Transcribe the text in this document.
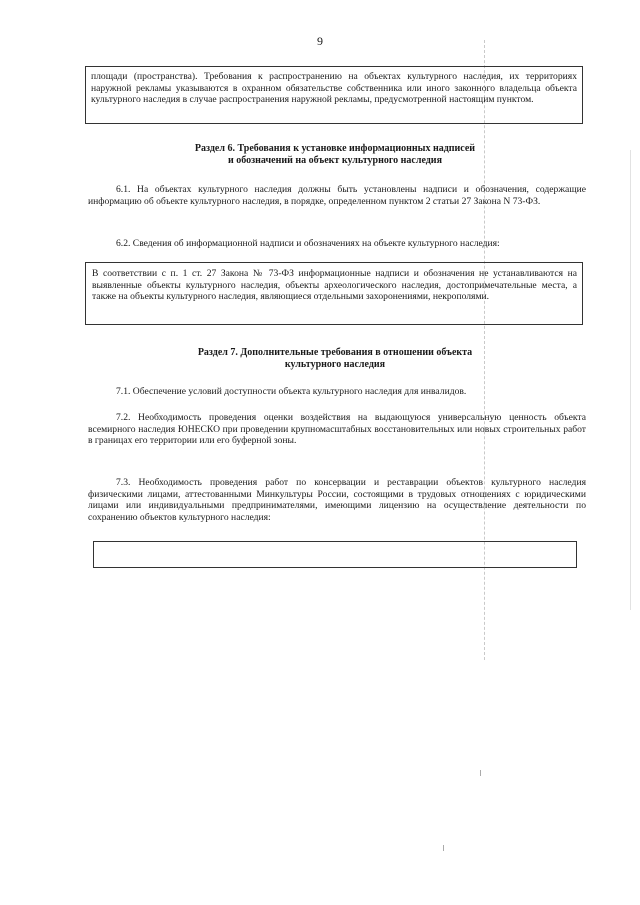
9
площади (пространства). Требования к распространению на объектах культурного наследия, их территориях наружной рекламы указываются в охранном обязательстве собственника или иного законного владельца объекта культурного наследия в случае распространения наружной рекламы, предусмотренной настоящим пунктом.
Раздел 6. Требования к установке информационных надписей
и обозначений на объект культурного наследия
6.1. На объектах культурного наследия должны быть установлены надписи и обозначения, содержащие информацию об объекте культурного наследия, в порядке, определенном пунктом 2 статьи 27 Закона N 73-ФЗ.
6.2. Сведения об информационной надписи и обозначениях на объекте культурного наследия:
В соответствии с п. 1 ст. 27 Закона № 73-ФЗ информационные надписи и обозначения не устанавливаются на выявленные объекты культурного наследия, объекты археологического наследия, достопримечательные места, а также на объекты культурного наследия, являющиеся отдельными захоронениями, некрополями.
Раздел 7. Дополнительные требования в отношении объекта
культурного наследия
7.1. Обеспечение условий доступности объекта культурного наследия для инвалидов.
7.2. Необходимость проведения оценки воздействия на выдающуюся универсальную ценность объекта всемирного наследия ЮНЕСКО при проведении крупномасштабных восстановительных или новых строительных работ в границах его территории или его буферной зоны.
7.3. Необходимость проведения работ по консервации и реставрации объектов культурного наследия физическими лицами, аттестованными Минкультуры России, состоящими в трудовых отношениях с юридическими лицами или индивидуальными предпринимателями, имеющими лицензию на осуществление деятельности по сохранению объектов культурного наследия:
